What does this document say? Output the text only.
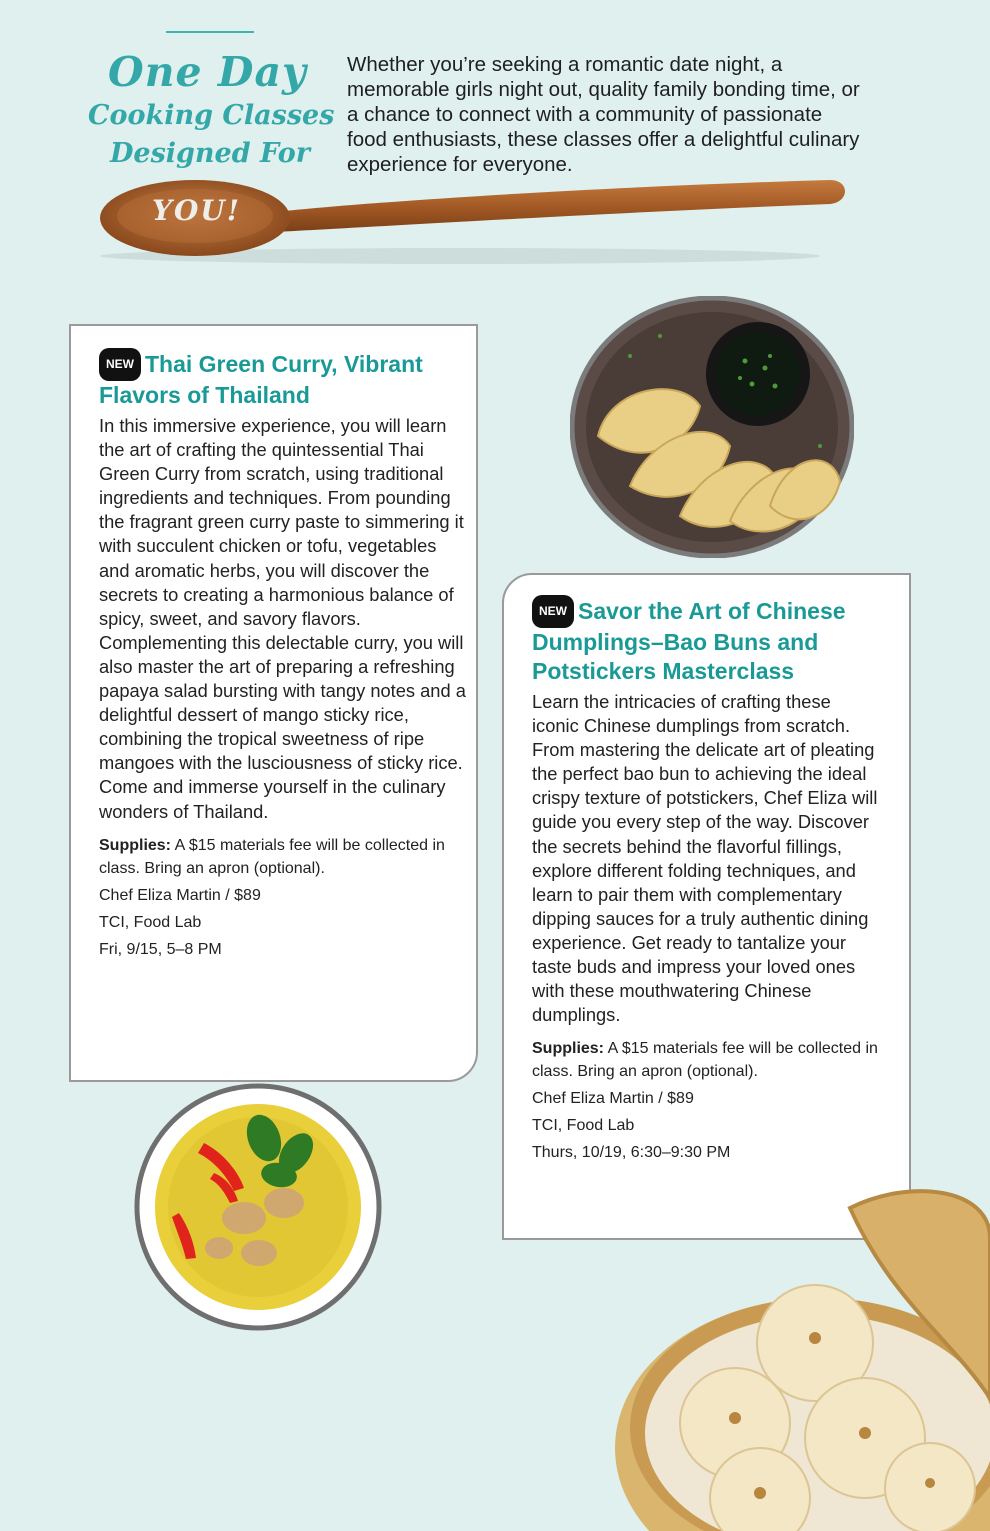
One Day
Cooking Classes
Designed For
YOU!
Whether you’re seeking a romantic date night, a memorable girls night out, quality family bonding time, or a chance to connect with a community of passionate food enthusiasts, these classes offer a delightful culinary experience for everyone.
NEW Thai Green Curry, Vibrant Flavors of Thailand

In this immersive experience, you will learn the art of crafting the quintessential Thai Green Curry from scratch, using traditional ingredients and techniques. From pounding the fragrant green curry paste to simmering it with succulent chicken or tofu, vegetables and aromatic herbs, you will discover the secrets to creating a harmonious balance of spicy, sweet, and savory flavors. Complementing this delectable curry, you will also master the art of preparing a refreshing papaya salad bursting with tangy notes and a delightful dessert of mango sticky rice, combining the tropical sweetness of ripe mangoes with the lusciousness of sticky rice. Come and immerse yourself in the culinary wonders of Thailand.

Supplies: A $15 materials fee will be collected in class. Bring an apron (optional).
Chef Eliza Martin / $89
TCI, Food Lab
Fri, 9/15, 5–8 PM
NEW Savor the Art of Chinese Dumplings–Bao Buns and Potstickers Masterclass

Learn the intricacies of crafting these iconic Chinese dumplings from scratch. From mastering the delicate art of pleating the perfect bao bun to achieving the ideal crispy texture of potstickers, Chef Eliza will guide you every step of the way. Discover the secrets behind the flavorful fillings, explore different folding techniques, and learn to pair them with complementary dipping sauces for a truly authentic dining experience. Get ready to tantalize your taste buds and impress your loved ones with these mouthwatering Chinese dumplings.

Supplies: A $15 materials fee will be collected in class. Bring an apron (optional).
Chef Eliza Martin / $89
TCI, Food Lab
Thurs, 10/19, 6:30–9:30 PM
